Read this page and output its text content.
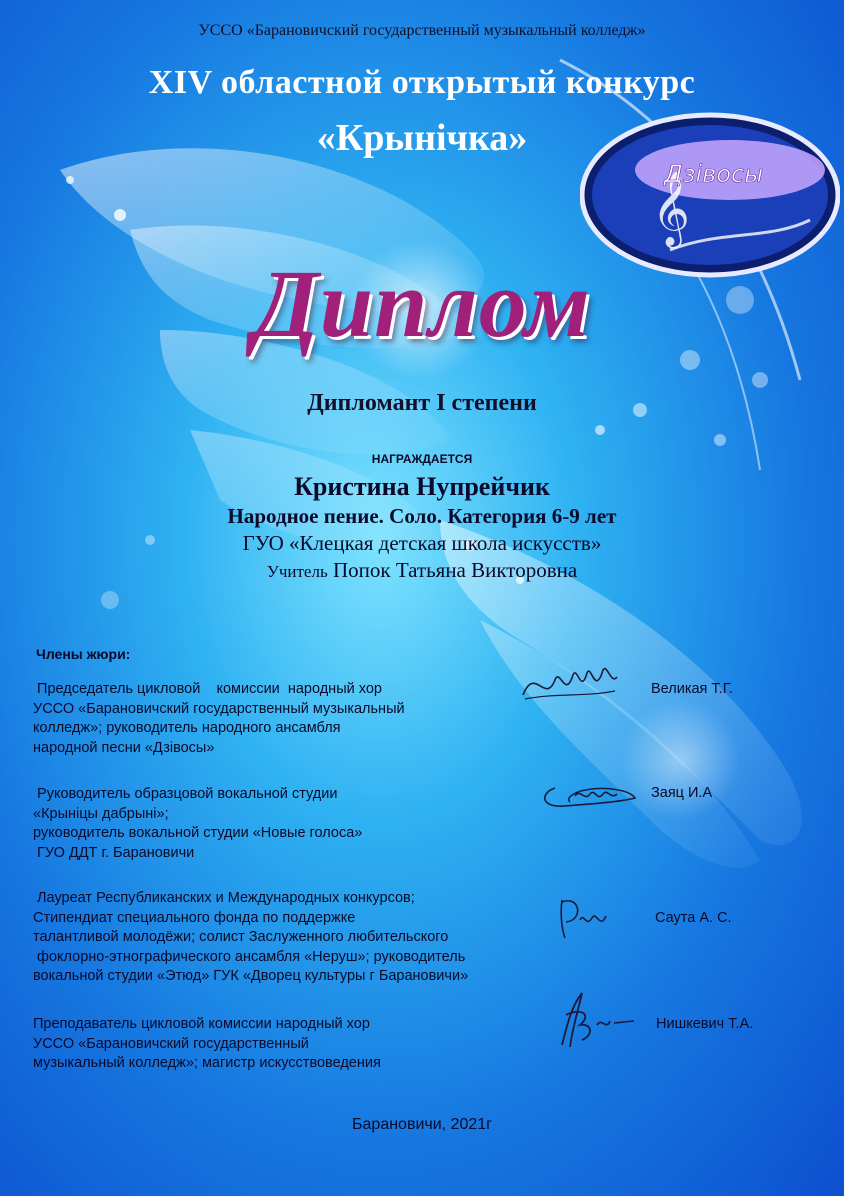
𝄞
Дзівосы
УССО «Барановичский государственный музыкальный колледж»
XIV областной открытый конкурс
«Крынічка»
Диплом
Дипломант I степени
НАГРАЖДАЕТСЯ
Кристина Нупрейчик
Народное пение. Соло. Категория 6-9 лет
ГУО «Клецкая детская школа искусств»
Учитель Попок Татьяна Викторовна
Члены жюри:
Председатель цикловой    комиссии  народный хор
УССО «Барановичский государственный музыкальный
колледж»; руководитель народного ансамбля
народной песни «Дзівосы»
Великая Т.Г.
Руководитель образцовой вокальной студии
«Крыніцы дабрыні»;
руководитель вокальной студии «Новые голоса»
ГУО ДДТ г. Барановичи
Заяц И.А
Лауреат Республиканских и Международных конкурсов;
Стипендиат специального фонда по поддержке
талантливой молодёжи; солист Заслуженного любительского
фоклорно-этнографического ансамбля «Неруш»; руководитель
вокальной студии «Этюд» ГУК «Дворец культуры г Барановичи»
Саута А. С.
Преподаватель цикловой комиссии народный хор
УССО «Барановичский государственный
музыкальный колледж»; магистр искусствоведения
Нишкевич Т.А.
Барановичи, 2021г
